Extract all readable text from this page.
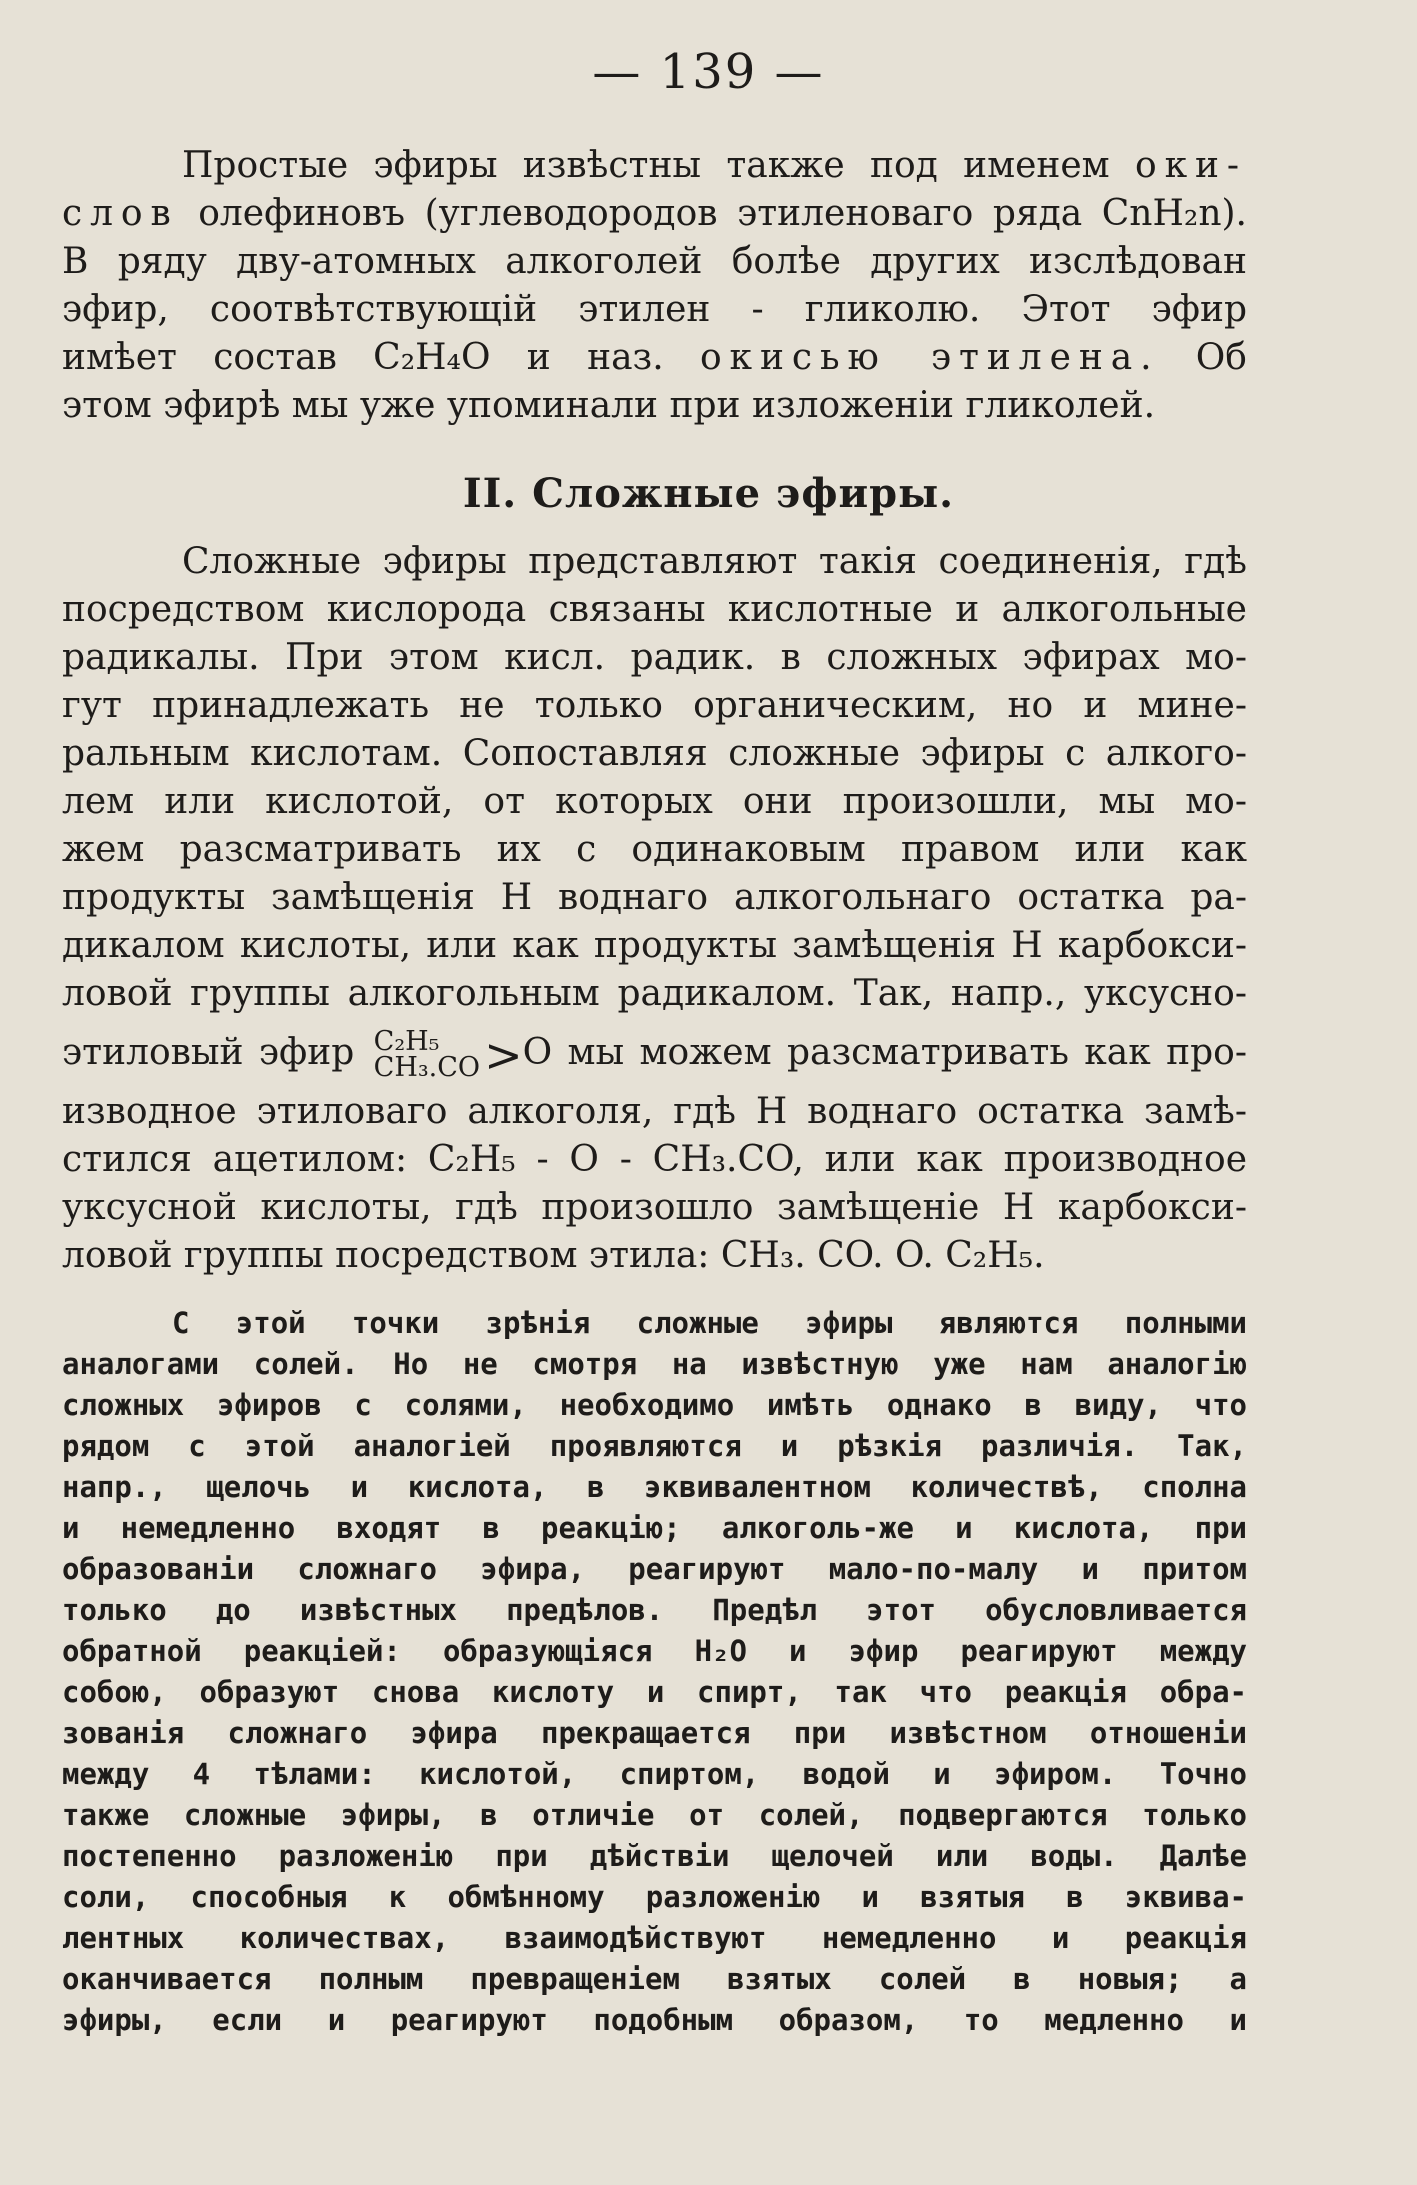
— 139 —
Простые эфиры извѣстны также под именем оки-
слов олефиновъ (углеводородов этиленоваго ряда CnH₂n).
В ряду дву-атомных алкоголей болѣе других изслѣдован
эфир, соотвѣтствующій этилен - гликолю. Этот эфир
имѣет состав C₂H₄O и наз. окисью этилена. Об
этом эфирѣ мы уже упоминали при изложеніи гликолей.
II. Сложные эфиры.
Сложные эфиры представляют такія соединенія, гдѣ
посредством кислорода связаны кислотные и алкогольные
радикалы. При этом кисл. радик. в сложных эфирах мо-
гут принадлежать не только органическим, но и мине-
ральным кислотам. Сопоставляя сложные эфиры с алкого-
лем или кислотой, от которых они произошли, мы мо-
жем разсматривать их с одинаковым правом или как
продукты замѣщенія H воднаго алкогольнаго остатка ра-
дикалом кислоты, или как продукты замѣщенія H карбокси-
ловой группы алкогольным радикалом. Так, напр., уксусно-
этиловый эфир C₂H₅
CH₃.CO >O мы можем разсматривать как про-
изводное этиловаго алкоголя, гдѣ H воднаго остатка замѣ-
стился ацетилом: C₂H₅ - O - CH₃.CO, или как производное
уксусной кислоты, гдѣ произошло замѣщеніе H карбокси-
ловой группы посредством этила: CH₃. CO. O. C₂H₅.
С этой точки зрѣнія сложные эфиры являются полными
аналогами солей. Но не смотря на извѣстную уже нам аналогію
сложных эфиров с солями, необходимо имѣть однако в виду, что
рядом с этой аналогіей проявляются и рѣзкія различія. Так,
напр., щелочь и кислота, в эквивалентном количествѣ, сполна
и немедленно входят в реакцію; алкоголь-же и кислота, при
образованіи сложнаго эфира, реагируют мало-по-малу и притом
только до извѣстных предѣлов. Предѣл этот обусловливается
обратной реакціей: образующіяся H₂O и эфир реагируют между
собою, образуют снова кислоту и спирт, так что реакція обра-
зованія сложнаго эфира прекращается при извѣстном отношеніи
между 4 тѣлами: кислотой, спиртом, водой и эфиром. Точно
также сложные эфиры, в отличіе от солей, подвергаются только
постепенно разложенію при дѣйствіи щелочей или воды. Далѣе
соли, способныя к обмѣнному разложенію и взятыя в эквива-
лентных количествах, взаимодѣйствуют немедленно и реакція
оканчивается полным превращеніем взятых солей в новыя; а
эфиры, если и реагируют подобным образом, то медленно и
